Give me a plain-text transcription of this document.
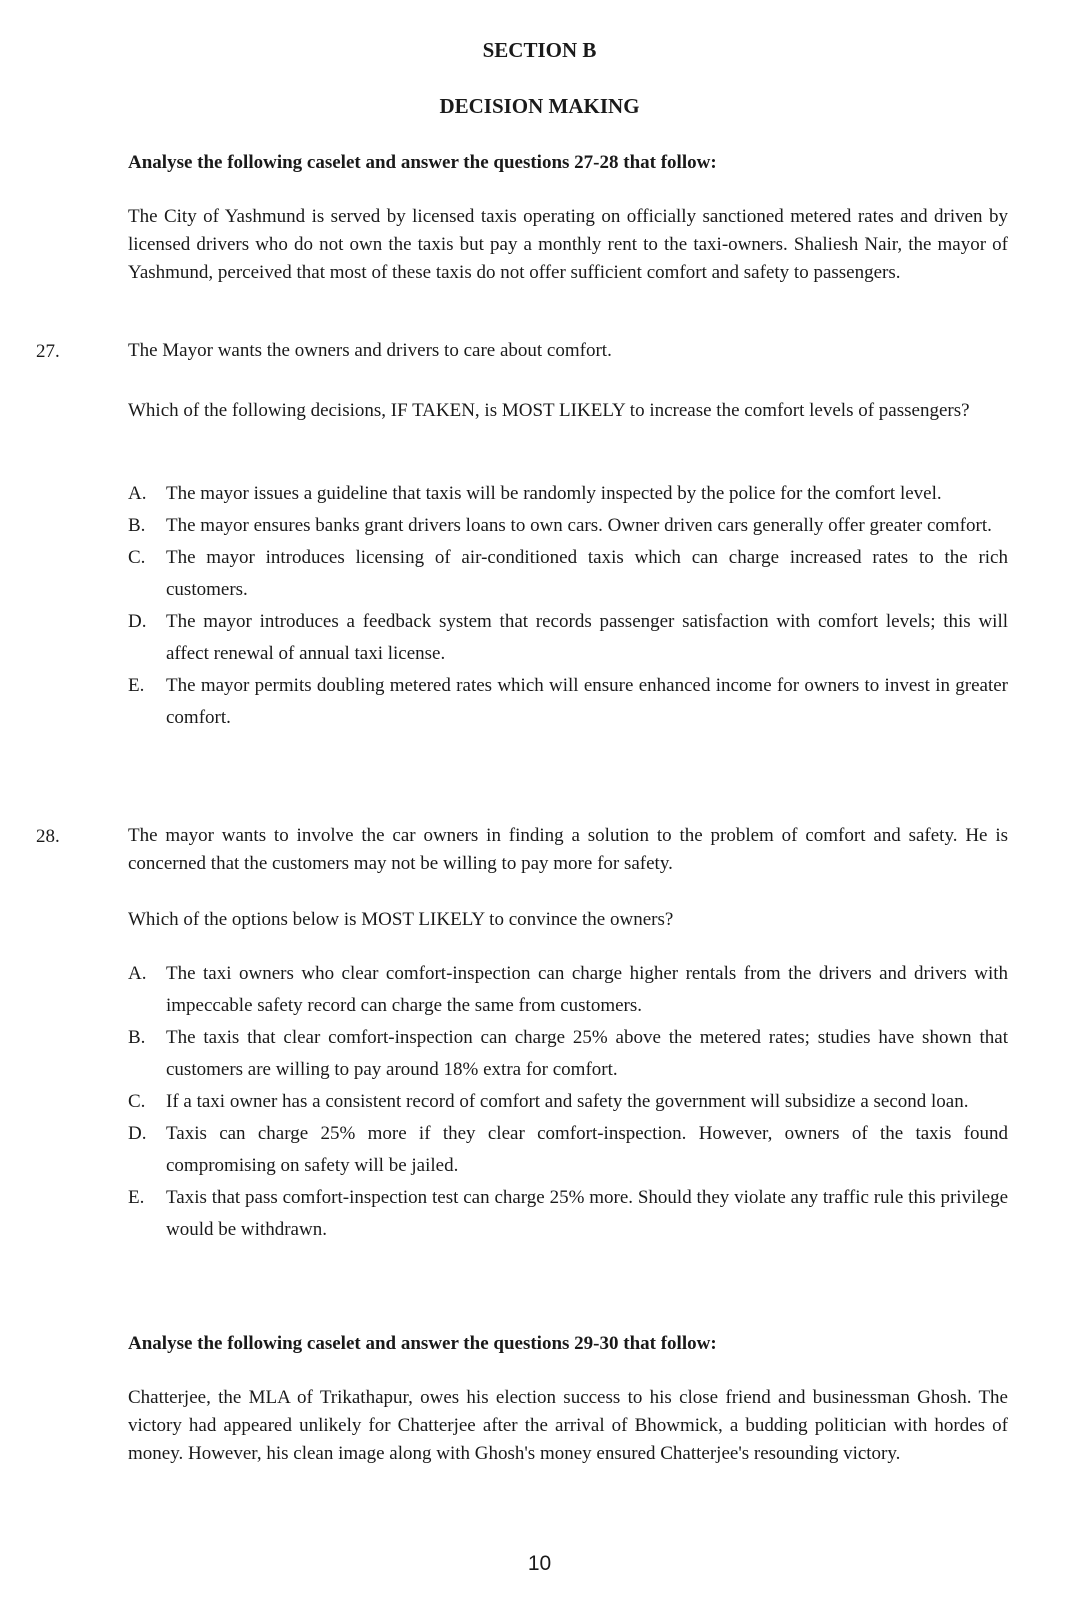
SECTION B
DECISION MAKING

Analyse the following caselet and answer the questions 27-28 that follow:

The City of Yashmund is served by licensed taxis operating on officially sanctioned metered rates and driven by licensed drivers who do not own the taxis but pay a monthly rent to the taxi-owners. Shaliesh Nair, the mayor of Yashmund, perceived that most of these taxis do not offer sufficient comfort and safety to passengers.

27.	The Mayor wants the owners and drivers to care about comfort.

Which of the following decisions, IF TAKEN, is MOST LIKELY to increase the comfort levels of passengers?

A.	The mayor issues a guideline that taxis will be randomly inspected by the police for the comfort level.
B.	The mayor ensures banks grant drivers loans to own cars. Owner driven cars generally offer greater comfort.
C.	The mayor introduces licensing of air-conditioned taxis which can charge increased rates to the rich customers.
D.	The mayor introduces a feedback system that records passenger satisfaction with comfort levels; this will affect renewal of annual taxi license.
E.	The mayor permits doubling metered rates which will ensure enhanced income for owners to invest in greater comfort.

28.	The mayor wants to involve the car owners in finding a solution to the problem of comfort and safety. He is concerned that the customers may not be willing to pay more for safety.

Which of the options below is MOST LIKELY to convince the owners?

A.	The taxi owners who clear comfort-inspection can charge higher rentals from the drivers and drivers with impeccable safety record can charge the same from customers.
B.	The taxis that clear comfort-inspection can charge 25% above the metered rates; studies have shown that customers are willing to pay around 18% extra for comfort.
C.	If a taxi owner has a consistent record of comfort and safety the government will subsidize a second loan.
D.	Taxis can charge 25% more if they clear comfort-inspection. However, owners of the taxis found compromising on safety will be jailed.
E.	Taxis that pass comfort-inspection test can charge 25% more. Should they violate any traffic rule this privilege would be withdrawn.

Analyse the following caselet and answer the questions 29-30 that follow:

Chatterjee, the MLA of Trikathapur, owes his election success to his close friend and businessman Ghosh. The victory had appeared unlikely for Chatterjee after the arrival of Bhowmick, a budding politician with hordes of money. However, his clean image along with Ghosh's money ensured Chatterjee's resounding victory.

10
